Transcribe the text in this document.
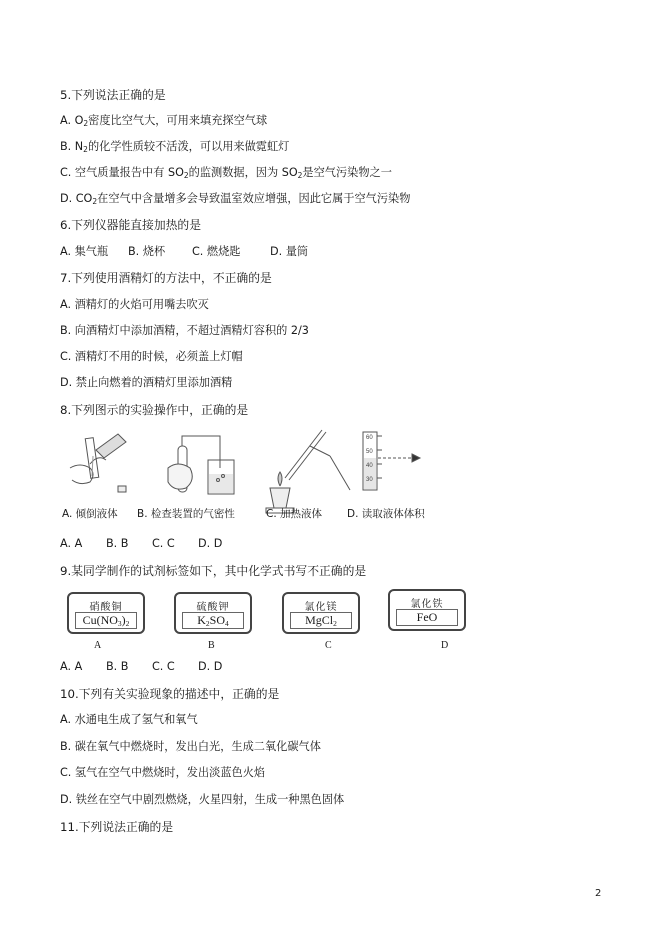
5.下列说法正确的是
A. $O_2$密度比空气大，可用来填充探空气球
B. $N_2$的化学性质较不活泼，可以用来做霓虹灯
C. 空气质量报告中有 $SO_2$的监测数据，因为 $SO_2$是空气污染物之一
D. $CO_2$在空气中含量增多会导致温室效应增强，因此它属于空气污染物
6.下列仪器能直接加热的是
A. 集气瓶 B. 烧杯 C. 燃烧匙	D. 量筒
7.下列使用酒精灯的方法中，不正确的是
A. 酒精灯的火焰可用嘴去吹灭
B. 向酒精灯中添加酒精，不超过酒精灯容积的 2/3
C. 酒精灯不用的时候，必须盖上灯帽
D. 禁止向燃着的酒精灯里添加酒精
8.下列图示的实验操作中，正确的是
60
50
40
30
A. 倾倒液体 B. 检查装置的气密性	C. 加热液体 D. 读取液体体积
A. A B. B C. C D. D
9.某同学制作的试剂标签如下，其中化学式书写不正确的是
硝酸铜
$Cu(NO_3)_2$
硫酸钾
$K_2SO_4$
氯化镁
MgCl$_2$
氯化铁
FeO
A	B	C	D
A. A B. B C. C D. D
10.下列有关实验现象的描述中，正确的是
A. 水通电生成了氢气和氧气
B. 碳在氧气中燃烧时，发出白光，生成二氧化碳气体
C. 氢气在空气中燃烧时，发出淡蓝色火焰
D. 铁丝在空气中剧烈燃烧，火星四射，生成一种黑色固体
11.下列说法正确的是
2
